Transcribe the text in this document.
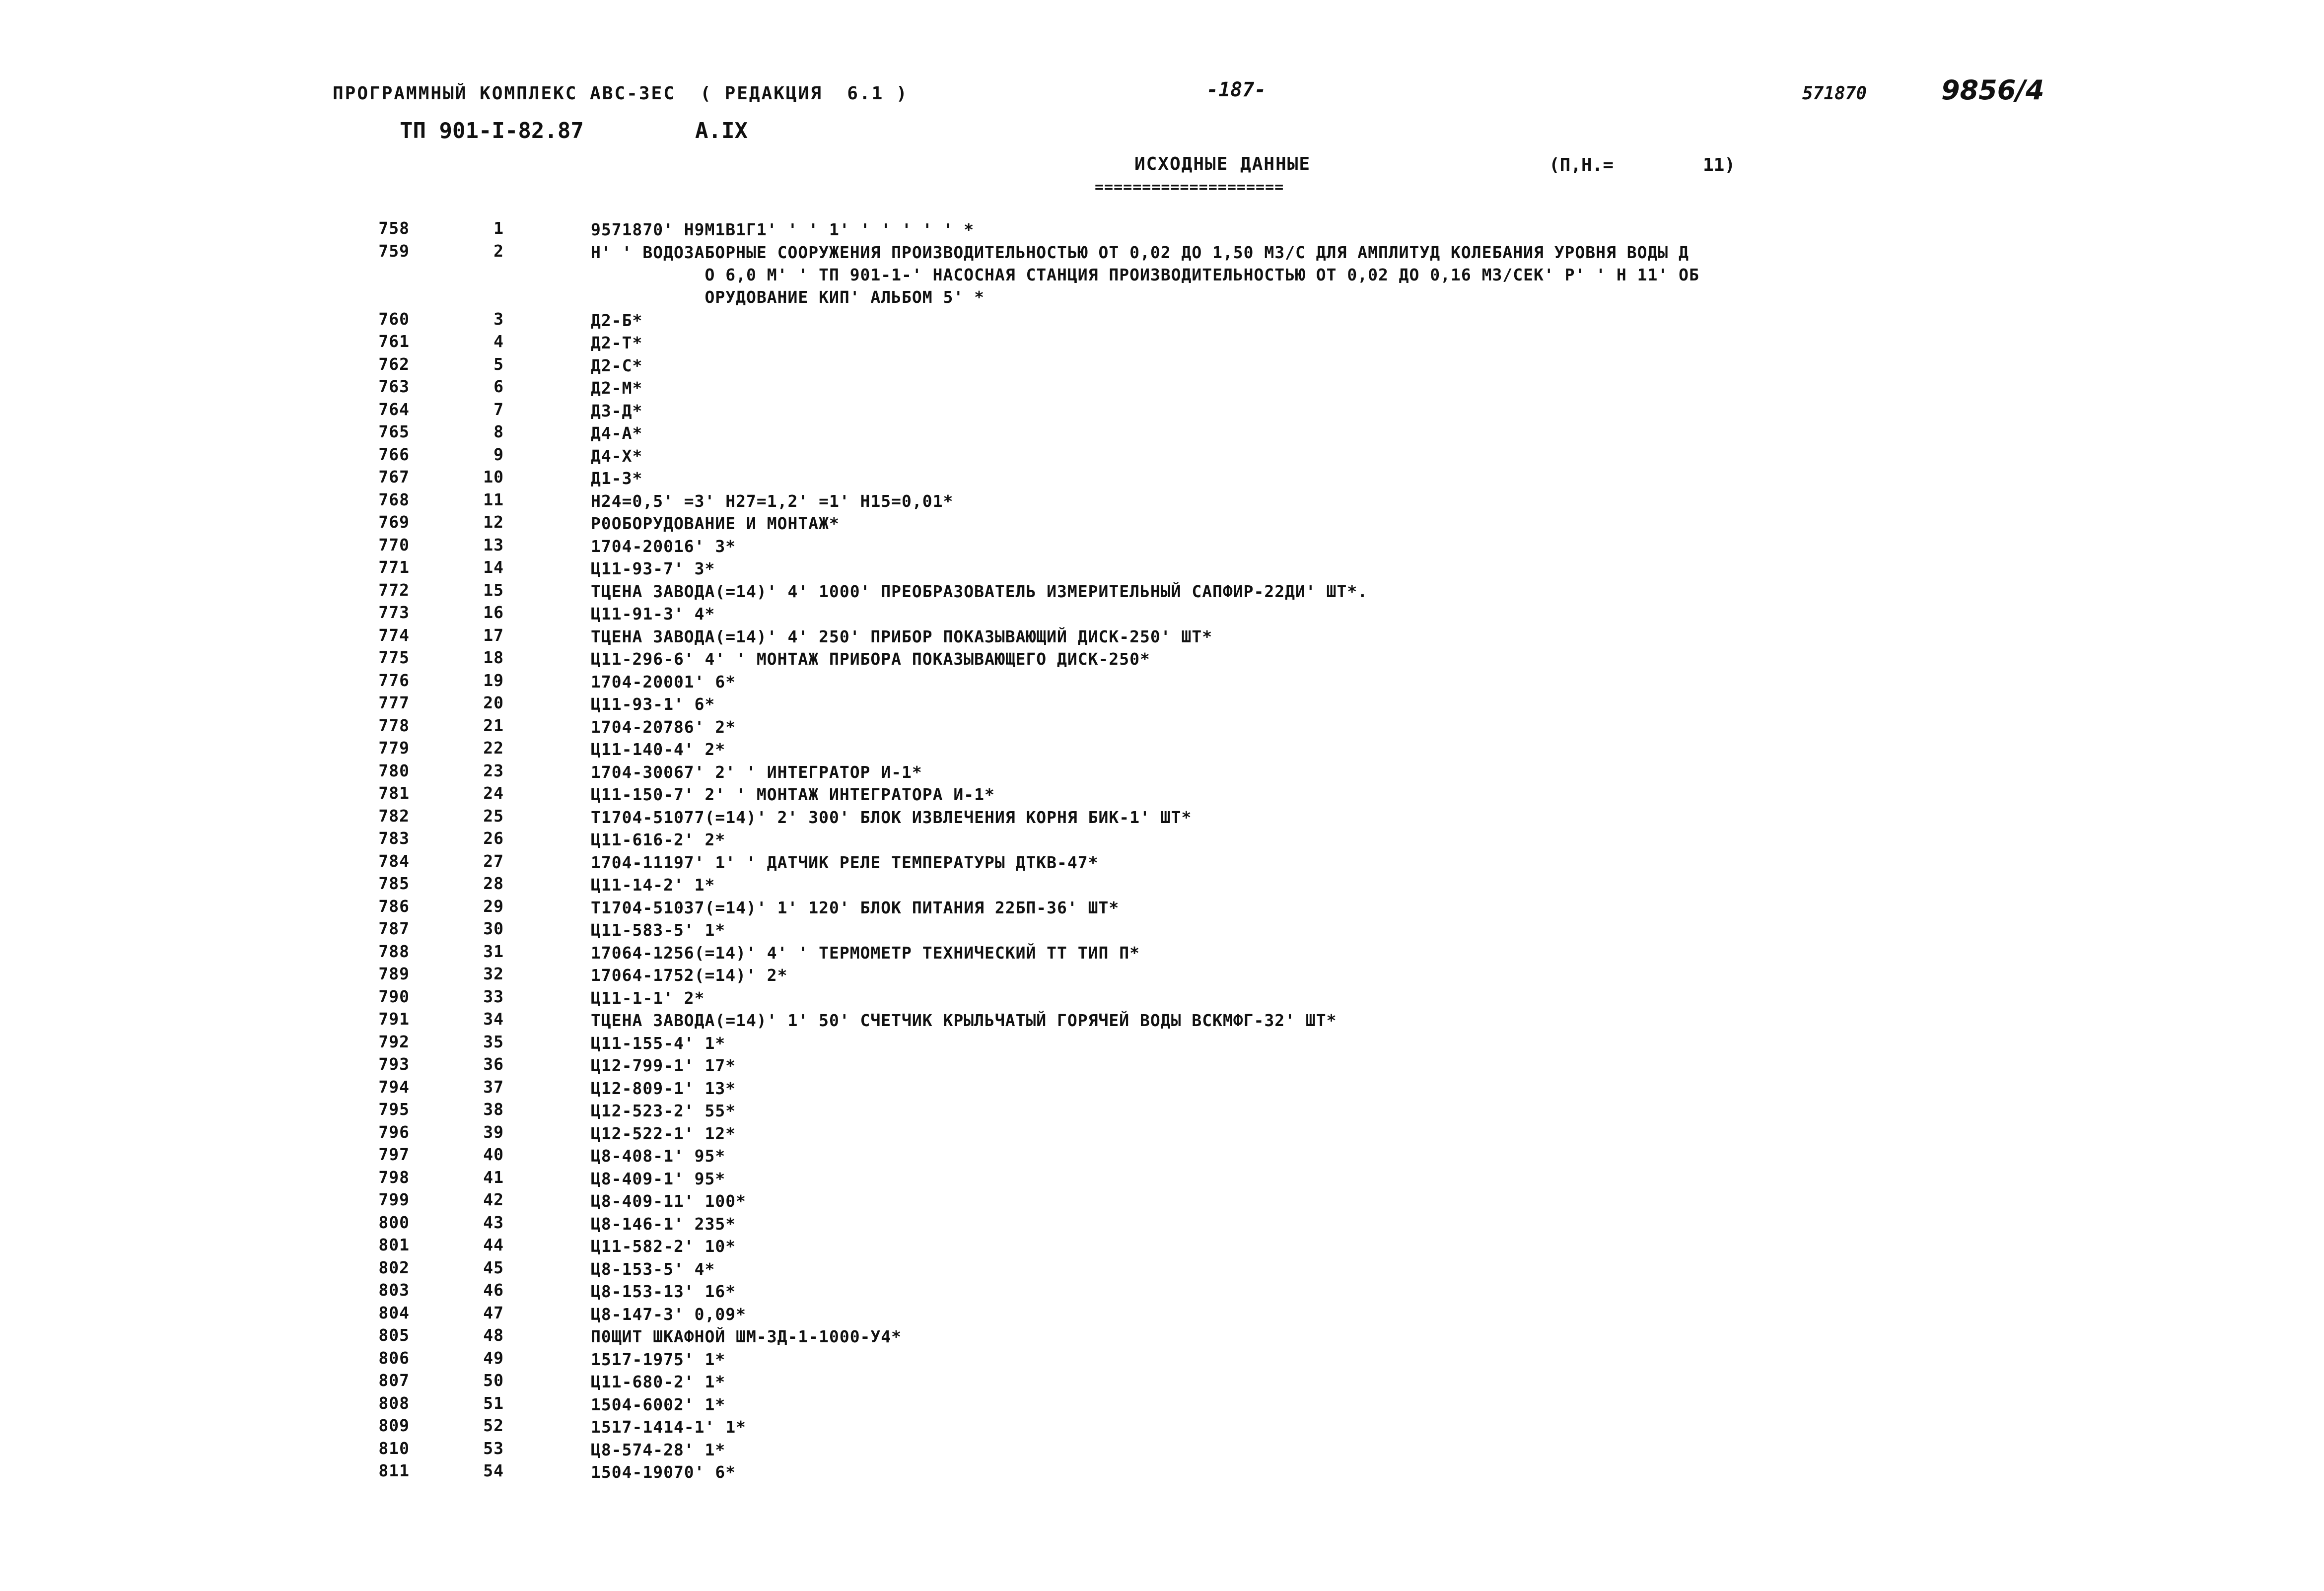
ПРОГРАММНЫЙ КОМПЛЕКС АВС-ЗЕС  ( РЕДАКЦИЯ  6.1 )	-187-	571870	9856/4
ТП 901-I-82.87	А.IX
ИСХОДНЫЕ ДАННЫЕ
====================
(П,Н.=	11)
758	1	9571870' Н9М1В1Г1' ' ' 1' ' ' ' ' ' *
759	2	Н' ' ВОДОЗАБОРНЫЕ СООРУЖЕНИЯ ПРОИЗВОДИТЕЛЬНОСТЬЮ ОТ 0,02 ДО 1,50 М3/С ДЛЯ АМПЛИТУД КОЛЕБАНИЯ УРОВНЯ ВОДЫ Д
О 6,0 М' ' ТП 901-1-' НАСОСНАЯ СТАНЦИЯ ПРОИЗВОДИТЕЛЬНОСТЬЮ ОТ 0,02 ДО 0,16 М3/СЕК' Р' ' Н 11' ОБ
ОРУДОВАНИЕ КИП' АЛЬБОМ 5' *
760	3	Д2-Б*
761	4	Д2-Т*
762	5	Д2-С*
763	6	Д2-М*
764	7	Д3-Д*
765	8	Д4-А*
766	9	Д4-Х*
767	10	Д1-3*
768	11	Н24=0,5' =3' Н27=1,2' =1' Н15=0,01*
769	12	Р0ОБОРУДОВАНИЕ И МОНТАЖ*
770	13	1704-20016' 3*
771	14	Ц11-93-7' 3*
772	15	ТЦЕНА ЗАВОДА(=14)' 4' 1000' ПРЕОБРАЗОВАТЕЛЬ ИЗМЕРИТЕЛЬНЫЙ САПФИР-22ДИ' ШТ*.
773	16	Ц11-91-3' 4*
774	17	ТЦЕНА ЗАВОДА(=14)' 4' 250' ПРИБОР ПОКАЗЫВАЮЩИЙ ДИСК-250' ШТ*
775	18	Ц11-296-6' 4' ' МОНТАЖ ПРИБОРА ПОКАЗЫВАЮЩЕГО ДИСК-250*
776	19	1704-20001' 6*
777	20	Ц11-93-1' 6*
778	21	1704-20786' 2*
779	22	Ц11-140-4' 2*
780	23	1704-30067' 2' ' ИНТЕГРАТОР И-1*
781	24	Ц11-150-7' 2' ' МОНТАЖ ИНТЕГРАТОРА И-1*
782	25	Т1704-51077(=14)' 2' 300' БЛОК ИЗВЛЕЧЕНИЯ КОРНЯ БИК-1' ШТ*
783	26	Ц11-616-2' 2*
784	27	1704-11197' 1' ' ДАТЧИК РЕЛЕ ТЕМПЕРАТУРЫ ДТКВ-47*
785	28	Ц11-14-2' 1*
786	29	Т1704-51037(=14)' 1' 120' БЛОК ПИТАНИЯ 22БП-36' ШТ*
787	30	Ц11-583-5' 1*
788	31	17064-1256(=14)' 4' ' ТЕРМОМЕТР ТЕХНИЧЕСКИЙ ТТ ТИП П*
789	32	17064-1752(=14)' 2*
790	33	Ц11-1-1' 2*
791	34	ТЦЕНА ЗАВОДА(=14)' 1' 50' СЧЕТЧИК КРЫЛЬЧАТЫЙ ГОРЯЧЕЙ ВОДЫ ВСКМФГ-32' ШТ*
792	35	Ц11-155-4' 1*
793	36	Ц12-799-1' 17*
794	37	Ц12-809-1' 13*
795	38	Ц12-523-2' 55*
796	39	Ц12-522-1' 12*
797	40	Ц8-408-1' 95*
798	41	Ц8-409-1' 95*
799	42	Ц8-409-11' 100*
800	43	Ц8-146-1' 235*
801	44	Ц11-582-2' 10*
802	45	Ц8-153-5' 4*
803	46	Ц8-153-13' 16*
804	47	Ц8-147-3' 0,09*
805	48	П0ЩИТ ШКАФНОЙ ШМ-3Д-1-1000-У4*
806	49	1517-1975' 1*
807	50	Ц11-680-2' 1*
808	51	1504-6002' 1*
809	52	1517-1414-1' 1*
810	53	Ц8-574-28' 1*
811	54	1504-19070' 6*
